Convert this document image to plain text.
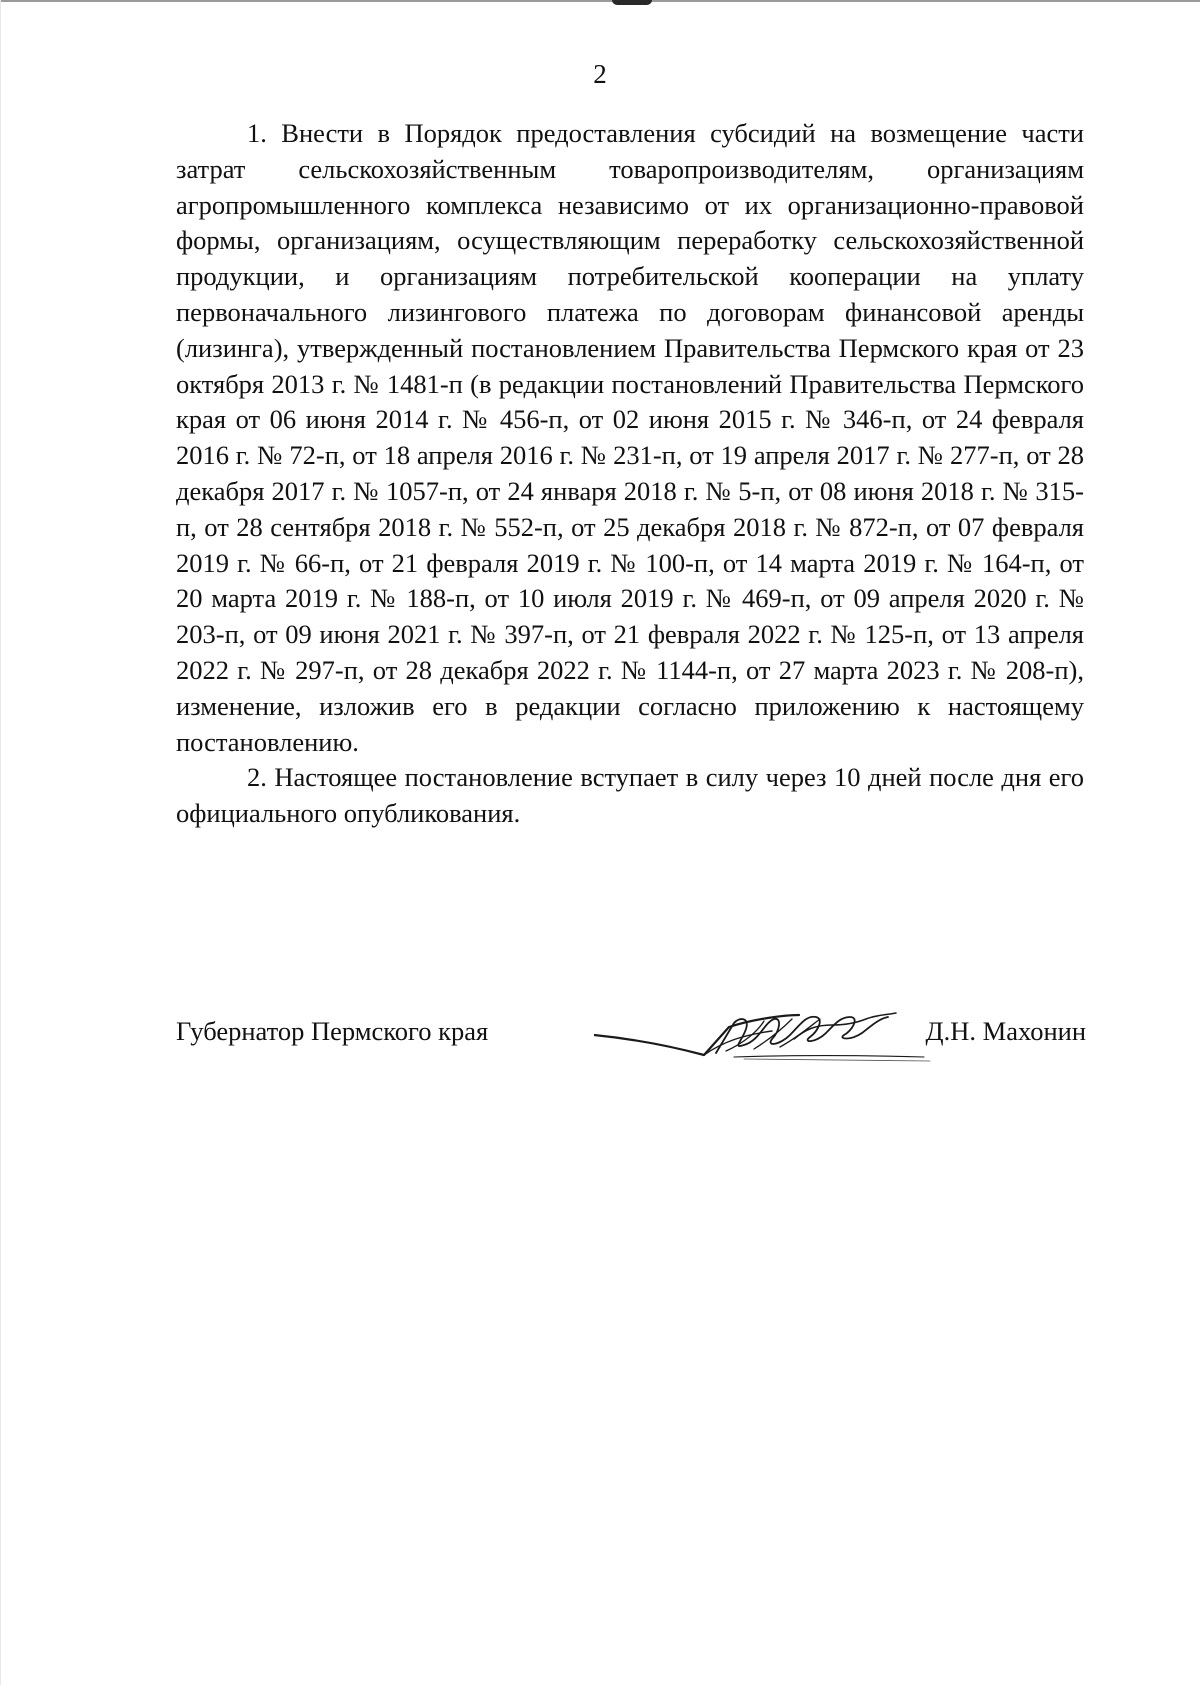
2

1. Внести в Порядок предоставления субсидий на возмещение части затрат сельскохозяйственным товаропроизводителям, организациям агропромышленного комплекса независимо от их организационно-правовой формы, организациям, осуществляющим переработку сельскохозяйственной продукции, и организациям потребительской кооперации на уплату первоначального лизингового платежа по договорам финансовой аренды (лизинга), утвержденный постановлением Правительства Пермского края от 23 октября 2013 г. № 1481-п (в редакции постановлений Правительства Пермского края от 06 июня 2014 г. № 456-п, от 02 июня 2015 г. № 346-п, от 24 февраля 2016 г. № 72-п, от 18 апреля 2016 г. № 231-п, от 19 апреля 2017 г. № 277-п, от 28 декабря 2017 г. № 1057-п, от 24 января 2018 г. № 5-п, от 08 июня 2018 г. № 315-п, от 28 сентября 2018 г. № 552-п, от 25 декабря 2018 г. № 872-п, от 07 февраля 2019 г. № 66-п, от 21 февраля 2019 г. № 100-п, от 14 марта 2019 г. № 164-п, от 20 марта 2019 г. № 188-п, от 10 июля 2019 г. № 469-п, от 09 апреля 2020 г. № 203-п, от 09 июня 2021 г. № 397-п, от 21 февраля 2022 г. № 125-п, от 13 апреля 2022 г. № 297-п, от 28 декабря 2022 г. № 1144-п, от 27 марта 2023 г. № 208-п), изменение, изложив его в редакции согласно приложению к настоящему постановлению.

2. Настоящее постановление вступает в силу через 10 дней после дня его официального опубликования.

Губернатор Пермского края	Д.Н. Махонин
